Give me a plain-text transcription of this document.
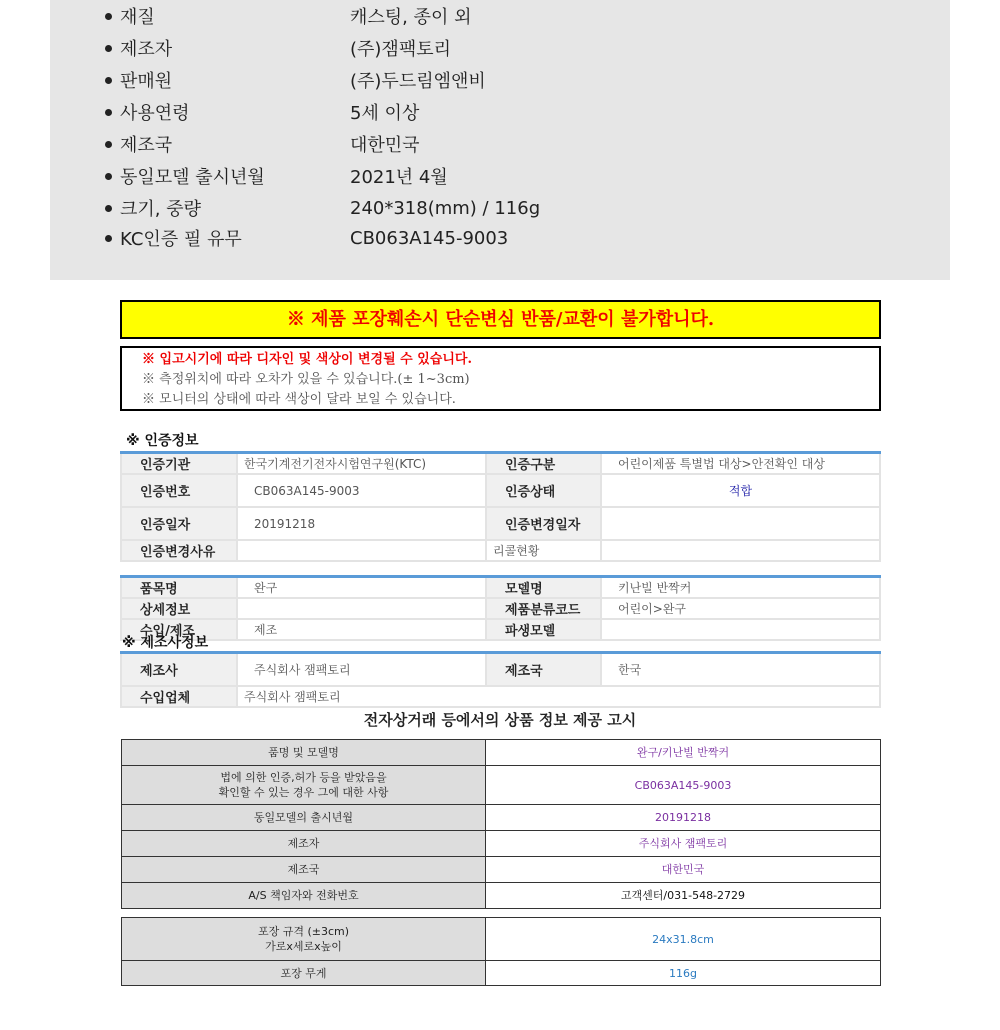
재질	캐스팅, 종이 외
제조자	(주)잼팩토리
판매원	(주)두드림엠앤비
사용연령	5세 이상
제조국	대한민국
동일모델 출시년월	2021년 4월
크기, 중량	240*318(mm) / 116g
KC인증 필 유무	CB063A145-9003
※ 제품 포장훼손시 단순변심 반품/교환이 불가합니다.
※ 입고시기에 따라 디자인 및 색상이 변경될 수 있습니다.
※ 측정위치에 따라 오차가 있을 수 있습니다.(± 1~3cm)
※ 모니터의 상태에 따라 색상이 달라 보일 수 있습니다.
※ 인증정보
인증기관	한국기계전기전자시험연구원(KTC)	인증구분	어린이제품 특별법 대상>안전확인 대상
인증번호	CB063A145-9003	인증상태	적합
인증일자	20191218	인증변경일자	
인증변경사유		리콜현황	
품목명	완구	모델명	키난빌 반짝커
상세정보		제품분류코드	어린이>완구
수입/제조	제조	파생모델	
※ 제조사정보
제조사	주식회사 잼팩토리	제조국	한국
수입업체	주식회사 잼팩토리		
전자상거래 등에서의 상품 정보 제공 고시
품명 및 모델명	완구/키난빌 반짝커

법에 의한 인증,허가 등을 받았음을
확인할 수 있는 경우 그에 대한 사항	CB063A145-9003
동일모델의 출시년월	20191218
제조자	주식회사 잼팩토리
제조국	대한민국
A/S 책임자와 전화번호	고객센터/031-548-2729
포장 규격 (±3cm)
가로x세로x높이	24x31.8cm
포장 무게	116g
